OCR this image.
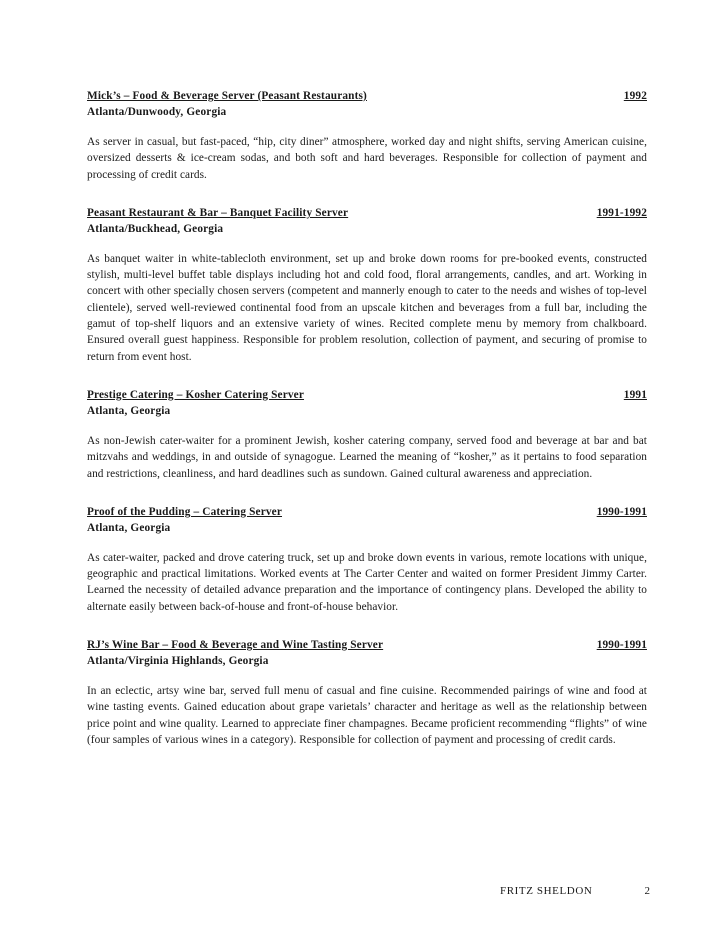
Mick’s – Food & Beverage Server (Peasant Restaurants)	1992
Atlanta/Dunwoody, Georgia

As server in casual, but fast-paced, “hip, city diner” atmosphere, worked day and night shifts, serving American cuisine, oversized desserts & ice-cream sodas, and both soft and hard beverages. Responsible for collection of payment and processing of credit cards.

Peasant Restaurant & Bar – Banquet Facility Server	1991-1992
Atlanta/Buckhead, Georgia

As banquet waiter in white-tablecloth environment, set up and broke down rooms for pre-booked events, constructed stylish, multi-level buffet table displays including hot and cold food, floral arrangements, candles, and art. Working in concert with other specially chosen servers (competent and mannerly enough to cater to the needs and wishes of top-level clientele), served well-reviewed continental food from an upscale kitchen and beverages from a full bar, including the gamut of top-shelf liquors and an extensive variety of wines. Recited complete menu by memory from chalkboard. Ensured overall guest happiness. Responsible for problem resolution, collection of payment, and securing of promise to return from event host.

Prestige Catering – Kosher Catering Server	1991
Atlanta, Georgia

As non-Jewish cater-waiter for a prominent Jewish, kosher catering company, served food and beverage at bar and bat mitzvahs and weddings, in and outside of synagogue. Learned the meaning of “kosher,” as it pertains to food separation and restrictions, cleanliness, and hard deadlines such as sundown. Gained cultural awareness and appreciation.

Proof of the Pudding – Catering Server	1990-1991
Atlanta, Georgia

As cater-waiter, packed and drove catering truck, set up and broke down events in various, remote locations with unique, geographic and practical limitations. Worked events at The Carter Center and waited on former President Jimmy Carter. Learned the necessity of detailed advance preparation and the importance of contingency plans. Developed the ability to alternate easily between back-of-house and front-of-house behavior.

RJ’s Wine Bar – Food & Beverage and Wine Tasting Server	1990-1991
Atlanta/Virginia Highlands, Georgia

In an eclectic, artsy wine bar, served full menu of casual and fine cuisine. Recommended pairings of wine and food at wine tasting events. Gained education about grape varietals’ character and heritage as well as the relationship between price point and wine quality. Learned to appreciate finer champagnes. Became proficient recommending “flights” of wine (four samples of various wines in a category). Responsible for collection of payment and processing of credit cards.

FRITZ SHELDON	2
